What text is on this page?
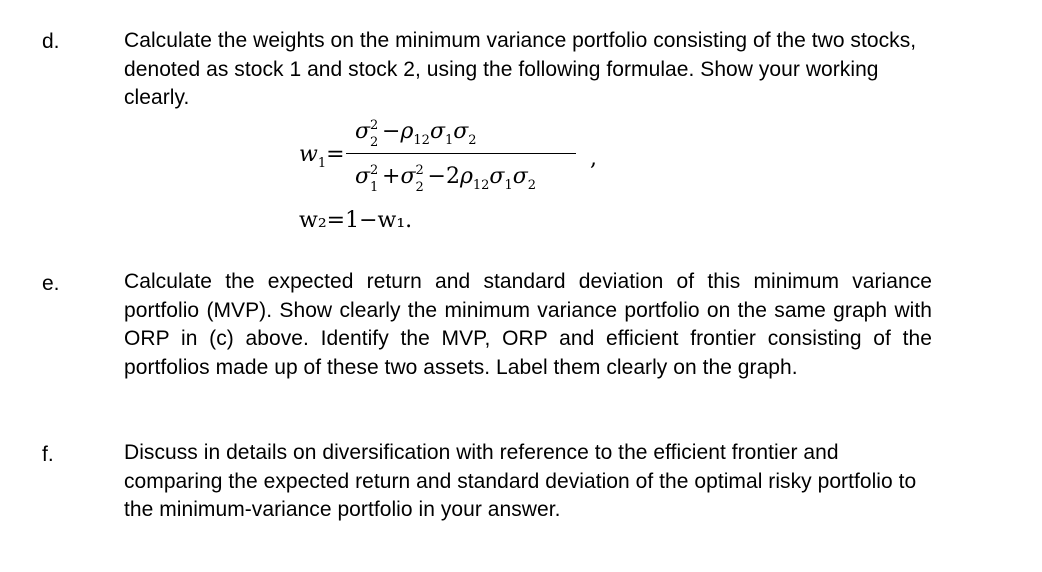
d.	Calculate the weights on the minimum variance portfolio consisting of the two stocks, denoted as stock 1 and stock 2, using the following formulae. Show your working clearly.
σ 2
$2 -\rho_{12}\sigma_1\sigma_2$
$w_1=$	,
σ 2
1 +σ 2
$2 -2\rho_{12}\sigma_1\sigma_2$
w₂=1−w₁.
e.	Calculate the expected return and standard deviation of this minimum variance portfolio (MVP). Show clearly the minimum variance portfolio on the same graph with ORP in (c) above. Identify the MVP, ORP and efficient frontier consisting of the portfolios made up of these two assets. Label them clearly on the graph.
f.	Discuss in details on diversification with reference to the efficient frontier and comparing the expected return and standard deviation of the optimal risky portfolio to the minimum-variance portfolio in your answer.
